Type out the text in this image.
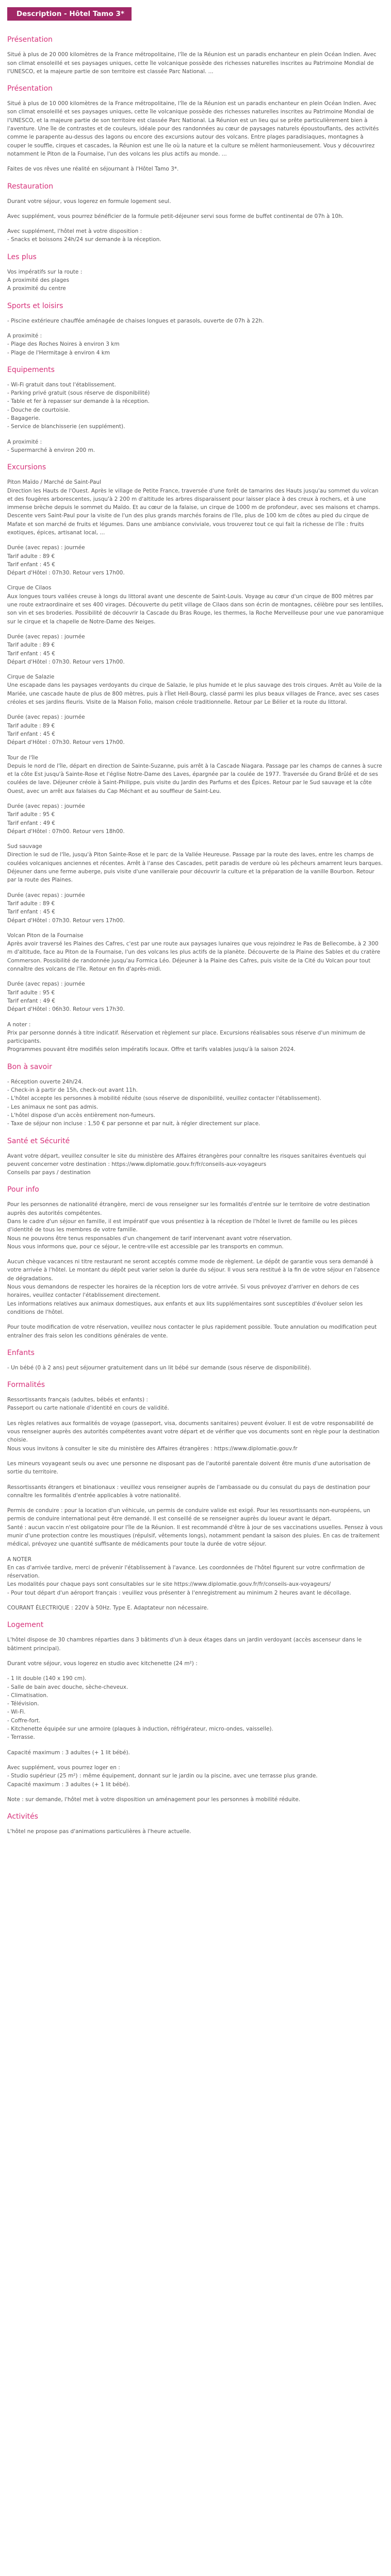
Description - Hôtel Tamo 3*
Présentation

Situé à plus de 20 000 kilomètres de la France métropolitaine, l'île de la Réunion est un paradis enchanteur en plein Océan Indien. Avec son climat ensoleillé et ses paysages uniques, cette île volcanique possède des richesses naturelles inscrites au Patrimoine Mondial de l'UNESCO, et la majeure partie de son territoire est classée Parc National. ...

Présentation

Situé à plus de 10 000 kilomètres de la France métropolitaine, l'île de la Réunion est un paradis enchanteur en plein Océan Indien. Avec son climat ensoleillé et ses paysages uniques, cette île volcanique possède des richesses naturelles inscrites au Patrimoine Mondial de l'UNESCO, et la majeure partie de son territoire est classée Parc National. La Réunion est un lieu qui se prête particulièrement bien à l'aventure. Une île de contrastes et de couleurs, idéale pour des randonnées au cœur de paysages naturels époustouflants, des activités comme le parapente au-dessus des lagons ou encore des excursions autour des volcans. Entre plages paradisiaques, montagnes à couper le souffle, cirques et cascades, la Réunion est une île où la nature et la culture se mêlent harmonieusement. Vous y découvrirez notamment le Piton de la Fournaise, l'un des volcans les plus actifs au monde. ...

Faites de vos rêves une réalité en séjournant à l'Hôtel Tamo 3*.

Restauration

Durant votre séjour, vous logerez en formule logement seul.

Avec supplément, vous pourrez bénéficier de la formule petit-déjeuner servi sous forme de buffet continental de 07h à 10h.

Avec supplément, l'hôtel met à votre disposition :
- Snacks et boissons 24h/24 sur demande à la réception.

Les plus

Vos impératifs sur la route :
A proximité des plages
A proximité du centre

Sports et loisirs

- Piscine extérieure chauffée aménagée de chaises longues et parasols, ouverte de 07h à 22h.

A proximité :
- Plage des Roches Noires à environ 3 km
- Plage de l'Hermitage à environ 4 km

Equipements

- Wi-Fi gratuit dans tout l'établissement.
- Parking privé gratuit (sous réserve de disponibilité)
- Table et fer à repasser sur demande à la réception.
- Douche de courtoisie.
- Bagagerie.
- Service de blanchisserie (en supplément).

A proximité :
- Supermarché à environ 200 m.

Excursions

Piton Maïdo / Marché de Saint-Paul
Direction les Hauts de l'Ouest. Après le village de Petite France, traversée d'une forêt de tamarins des Hauts jusqu'au sommet du volcan et des fougères arborescentes, jusqu'à 2 200 m d'altitude les arbres disparaissent pour laisser place à des creux à rochers, et à une immense brèche depuis le sommet du Maïdo. Et au cœur de la falaise, un cirque de 1000 m de profondeur, avec ses maisons et champs. Descente vers Saint-Paul pour la visite de l'un des plus grands marchés forains de l'île, plus de 100 km de côtes au pied du cirque de Mafate et son marché de fruits et légumes. Dans une ambiance conviviale, vous trouverez tout ce qui fait la richesse de l'île : fruits exotiques, épices, artisanat local, ...

Durée (avec repas) : journée
Tarif adulte : 89 €
Tarif enfant : 45 €
Départ d'Hôtel : 07h30. Retour vers 17h00.

Cirque de Cilaos
Aux longues tours vallées creuse à longs du littoral avant une descente de Saint-Louis. Voyage au cœur d'un cirque de 800 mètres par une route extraordinaire et ses 400 virages. Découverte du petit village de Cilaos dans son écrin de montagnes, célèbre pour ses lentilles, son vin et ses broderies. Possibilité de découvrir la Cascade du Bras Rouge, les thermes, la Roche Merveilleuse pour une vue panoramique sur le cirque et la chapelle de Notre-Dame des Neiges.

Durée (avec repas) : journée
Tarif adulte : 89 €
Tarif enfant : 45 €
Départ d'Hôtel : 07h30. Retour vers 17h00.

Cirque de Salazie
Une escapade dans les paysages verdoyants du cirque de Salazie, le plus humide et le plus sauvage des trois cirques. Arrêt au Voile de la Mariée, une cascade haute de plus de 800 mètres, puis à l'Îlet Hell-Bourg, classé parmi les plus beaux villages de France, avec ses cases créoles et ses jardins fleuris. Visite de la Maison Folio, maison créole traditionnelle. Retour par Le Bélier et la route du littoral.

Durée (avec repas) : journée
Tarif adulte : 89 €
Tarif enfant : 45 €
Départ d'Hôtel : 07h30. Retour vers 17h00.

Tour de l'île
Depuis le nord de l'île, départ en direction de Sainte-Suzanne, puis arrêt à la Cascade Niagara. Passage par les champs de cannes à sucre et la côte Est jusqu'à Sainte-Rose et l'église Notre-Dame des Laves, épargnée par la coulée de 1977. Traversée du Grand Brûlé et de ses coulées de lave. Déjeuner créole à Saint-Philippe, puis visite du Jardin des Parfums et des Épices. Retour par le Sud sauvage et la côte Ouest, avec un arrêt aux falaises du Cap Méchant et au souffleur de Saint-Leu.

Durée (avec repas) : journée
Tarif adulte : 95 €
Tarif enfant : 49 €
Départ d'Hôtel : 07h00. Retour vers 18h00.

Sud sauvage
Direction le sud de l'île, jusqu'à Piton Sainte-Rose et le parc de la Vallée Heureuse. Passage par la route des laves, entre les champs de coulées volcaniques anciennes et récentes. Arrêt à l'anse des Cascades, petit paradis de verdure où les pêcheurs amarrent leurs barques. Déjeuner dans une ferme auberge, puis visite d'une vanilleraie pour découvrir la culture et la préparation de la vanille Bourbon. Retour par la route des Plaines.

Durée (avec repas) : journée
Tarif adulte : 89 €
Tarif enfant : 45 €
Départ d'Hôtel : 07h30. Retour vers 17h00.

Volcan Piton de la Fournaise
Après avoir traversé les Plaines des Cafres, c'est par une route aux paysages lunaires que vous rejoindrez le Pas de Bellecombe, à 2 300 m d'altitude, face au Piton de la Fournaise, l'un des volcans les plus actifs de la planète. Découverte de la Plaine des Sables et du cratère Commerson. Possibilité de randonnée jusqu'au Formica Léo. Déjeuner à la Plaine des Cafres, puis visite de la Cité du Volcan pour tout connaître des volcans de l'île. Retour en fin d'après-midi.

Durée (avec repas) : journée
Tarif adulte : 95 €
Tarif enfant : 49 €
Départ d'Hôtel : 06h30. Retour vers 17h30.

A noter :
Prix par personne donnés à titre indicatif. Réservation et règlement sur place. Excursions réalisables sous réserve d'un minimum de participants.
Programmes pouvant être modifiés selon impératifs locaux. Offre et tarifs valables jusqu'à la saison 2024.

Bon à savoir

- Réception ouverte 24h/24.
- Check-in à partir de 15h, check-out avant 11h.
- L'hôtel accepte les personnes à mobilité réduite (sous réserve de disponibilité, veuillez contacter l'établissement).
- Les animaux ne sont pas admis.
- L'hôtel dispose d'un accès entièrement non-fumeurs.
- Taxe de séjour non incluse : 1,50 € par personne et par nuit, à régler directement sur place.

Santé et Sécurité

Avant votre départ, veuillez consulter le site du ministère des Affaires étrangères pour connaître les risques sanitaires éventuels qui peuvent concerner votre destination : https://www.diplomatie.gouv.fr/fr/conseils-aux-voyageurs
Conseils par pays / destination

Pour info

Pour les personnes de nationalité étrangère, merci de vous renseigner sur les formalités d'entrée sur le territoire de votre destination auprès des autorités compétentes.
Dans le cadre d'un séjour en famille, il est impératif que vous présentiez à la réception de l'hôtel le livret de famille ou les pièces d'identité de tous les membres de votre famille.
Nous ne pouvons être tenus responsables d'un changement de tarif intervenant avant votre réservation.
Nous vous informons que, pour ce séjour, le centre-ville est accessible par les transports en commun.

Aucun chèque vacances ni titre restaurant ne seront acceptés comme mode de règlement. Le dépôt de garantie vous sera demandé à votre arrivée à l'hôtel. Le montant du dépôt peut varier selon la durée du séjour. Il vous sera restitué à la fin de votre séjour en l'absence de dégradations.
Nous vous demandons de respecter les horaires de la réception lors de votre arrivée. Si vous prévoyez d'arriver en dehors de ces horaires, veuillez contacter l'établissement directement.
Les informations relatives aux animaux domestiques, aux enfants et aux lits supplémentaires sont susceptibles d'évoluer selon les conditions de l'hôtel.

Pour toute modification de votre réservation, veuillez nous contacter le plus rapidement possible. Toute annulation ou modification peut entraîner des frais selon les conditions générales de vente.

Enfants

- Un bébé (0 à 2 ans) peut séjourner gratuitement dans un lit bébé sur demande (sous réserve de disponibilité).

Formalités

Ressortissants français (adultes, bébés et enfants) :
Passeport ou carte nationale d'identité en cours de validité.

Les règles relatives aux formalités de voyage (passeport, visa, documents sanitaires) peuvent évoluer. Il est de votre responsabilité de vous renseigner auprès des autorités compétentes avant votre départ et de vérifier que vos documents sont en règle pour la destination choisie.
Nous vous invitons à consulter le site du ministère des Affaires étrangères : https://www.diplomatie.gouv.fr

Les mineurs voyageant seuls ou avec une personne ne disposant pas de l'autorité parentale doivent être munis d'une autorisation de sortie du territoire.

Ressortissants étrangers et binationaux : veuillez vous renseigner auprès de l'ambassade ou du consulat du pays de destination pour connaître les formalités d'entrée applicables à votre nationalité.

Permis de conduire : pour la location d'un véhicule, un permis de conduire valide est exigé. Pour les ressortissants non-européens, un permis de conduire international peut être demandé. Il est conseillé de se renseigner auprès du loueur avant le départ.
Santé : aucun vaccin n'est obligatoire pour l'île de la Réunion. Il est recommandé d'être à jour de ses vaccinations usuelles. Pensez à vous munir d'une protection contre les moustiques (répulsif, vêtements longs), notamment pendant la saison des pluies. En cas de traitement médical, prévoyez une quantité suffisante de médicaments pour toute la durée de votre séjour.

A NOTER
En cas d'arrivée tardive, merci de prévenir l'établissement à l'avance. Les coordonnées de l'hôtel figurent sur votre confirmation de réservation.
Les modalités pour chaque pays sont consultables sur le site https://www.diplomatie.gouv.fr/fr/conseils-aux-voyageurs/
- Pour tout départ d'un aéroport français : veuillez vous présenter à l'enregistrement au minimum 2 heures avant le décollage.

COURANT ÉLECTRIQUE : 220V à 50Hz. Type E. Adaptateur non nécessaire.

Logement

L'hôtel dispose de 30 chambres réparties dans 3 bâtiments d'un à deux étages dans un jardin verdoyant (accès ascenseur dans le bâtiment principal).

Durant votre séjour, vous logerez en studio avec kitchenette (24 m²) :

- 1 lit double (140 x 190 cm).
- Salle de bain avec douche, sèche-cheveux.
- Climatisation.
- Télévision.
- Wi-Fi.
- Coffre-fort.
- Kitchenette équipée sur une armoire (plaques à induction, réfrigérateur, micro-ondes, vaisselle).
- Terrasse.

Capacité maximum : 3 adultes (+ 1 lit bébé).

Avec supplément, vous pourrez loger en :
- Studio supérieur (25 m²) : même équipement, donnant sur le jardin ou la piscine, avec une terrasse plus grande.
Capacité maximum : 3 adultes (+ 1 lit bébé).

Note : sur demande, l'hôtel met à votre disposition un aménagement pour les personnes à mobilité réduite.

Activités

L'hôtel ne propose pas d'animations particulières à l'heure actuelle.
